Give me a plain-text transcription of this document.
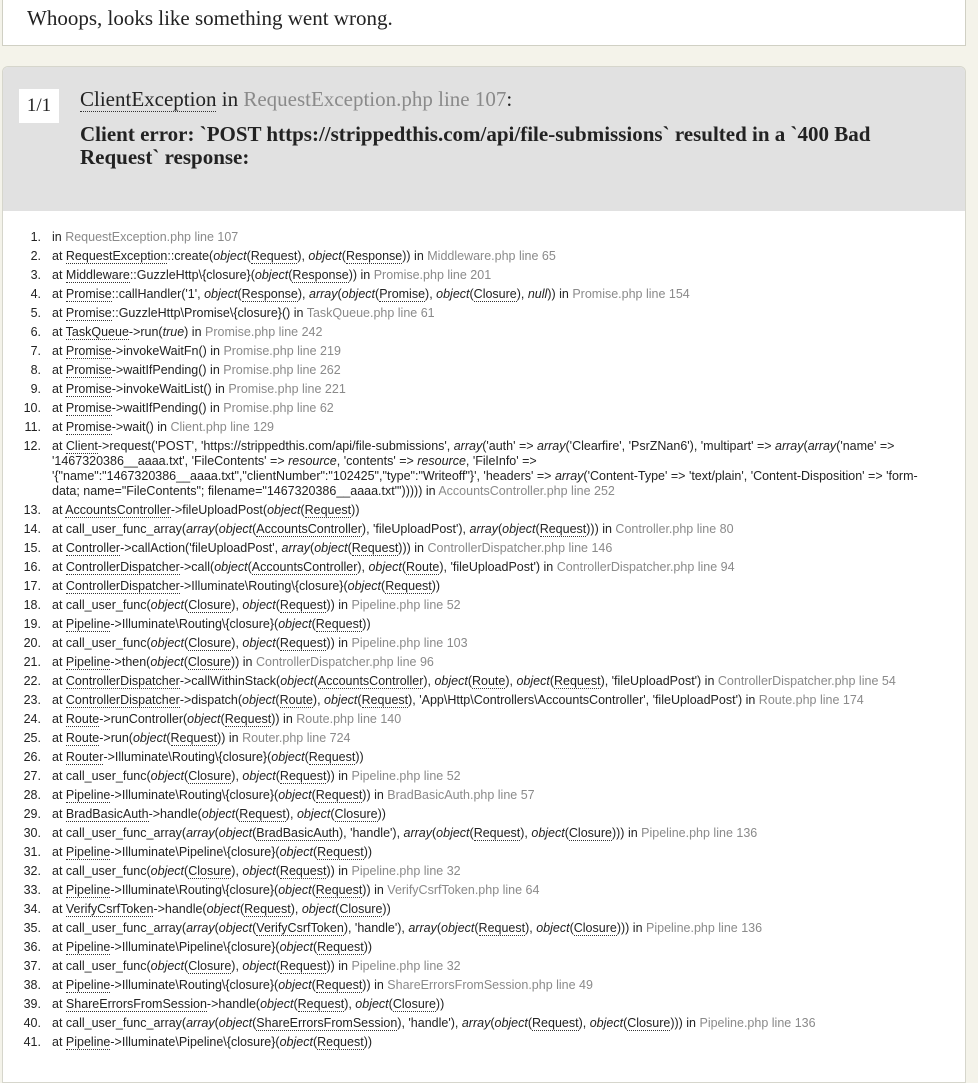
Whoops, looks like something went wrong.
1/1	ClientException in RequestException.php line 107:
Client error: `POST https://strippedthis.com/api/file-submissions` resulted in a `400 Bad Request` response:
1. in RequestException.php line 107
2. at RequestException::create(object(Request), object(Response)) in Middleware.php line 65
3. at Middleware::GuzzleHttp\{closure}(object(Response)) in Promise.php line 201
4. at Promise::callHandler('1', object(Response), array(object(Promise), object(Closure), null)) in Promise.php line 154
5. at Promise::GuzzleHttp\Promise\{closure}() in TaskQueue.php line 61
6. at TaskQueue->run(true) in Promise.php line 242
7. at Promise->invokeWaitFn() in Promise.php line 219
8. at Promise->waitIfPending() in Promise.php line 262
9. at Promise->invokeWaitList() in Promise.php line 221
10. at Promise->waitIfPending() in Promise.php line 62
11. at Promise->wait() in Client.php line 129
12. at Client->request('POST', 'https://strippedthis.com/api/file-submissions', array('auth' => array('Clearfire', 'PsrZNan6'), 'multipart' => array(array('name' => '1467320386__aaaa.txt', 'FileContents' => resource, 'contents' => resource, 'FileInfo' => '{"name":"1467320386__aaaa.txt","clientNumber":"102425","type":"Writeoff"}', 'headers' => array('Content-Type' => 'text/plain', 'Content-Disposition' => 'form-data; name="FileContents"; filename="1467320386__aaaa.txt"'))))) in AccountsController.php line 252
13. at AccountsController->fileUploadPost(object(Request))
14. at call_user_func_array(array(object(AccountsController), 'fileUploadPost'), array(object(Request))) in Controller.php line 80
15. at Controller->callAction('fileUploadPost', array(object(Request))) in ControllerDispatcher.php line 146
16. at ControllerDispatcher->call(object(AccountsController), object(Route), 'fileUploadPost') in ControllerDispatcher.php line 94
17. at ControllerDispatcher->Illuminate\Routing\{closure}(object(Request))
18. at call_user_func(object(Closure), object(Request)) in Pipeline.php line 52
19. at Pipeline->Illuminate\Routing\{closure}(object(Request))
20. at call_user_func(object(Closure), object(Request)) in Pipeline.php line 103
21. at Pipeline->then(object(Closure)) in ControllerDispatcher.php line 96
22. at ControllerDispatcher->callWithinStack(object(AccountsController), object(Route), object(Request), 'fileUploadPost') in ControllerDispatcher.php line 54
23. at ControllerDispatcher->dispatch(object(Route), object(Request), 'App\Http\Controllers\AccountsController', 'fileUploadPost') in Route.php line 174
24. at Route->runController(object(Request)) in Route.php line 140
25. at Route->run(object(Request)) in Router.php line 724
26. at Router->Illuminate\Routing\{closure}(object(Request))
27. at call_user_func(object(Closure), object(Request)) in Pipeline.php line 52
28. at Pipeline->Illuminate\Routing\{closure}(object(Request)) in BradBasicAuth.php line 57
29. at BradBasicAuth->handle(object(Request), object(Closure))
30. at call_user_func_array(array(object(BradBasicAuth), 'handle'), array(object(Request), object(Closure))) in Pipeline.php line 136
31. at Pipeline->Illuminate\Pipeline\{closure}(object(Request))
32. at call_user_func(object(Closure), object(Request)) in Pipeline.php line 32
33. at Pipeline->Illuminate\Routing\{closure}(object(Request)) in VerifyCsrfToken.php line 64
34. at VerifyCsrfToken->handle(object(Request), object(Closure))
35. at call_user_func_array(array(object(VerifyCsrfToken), 'handle'), array(object(Request), object(Closure))) in Pipeline.php line 136
36. at Pipeline->Illuminate\Pipeline\{closure}(object(Request))
37. at call_user_func(object(Closure), object(Request)) in Pipeline.php line 32
38. at Pipeline->Illuminate\Routing\{closure}(object(Request)) in ShareErrorsFromSession.php line 49
39. at ShareErrorsFromSession->handle(object(Request), object(Closure))
40. at call_user_func_array(array(object(ShareErrorsFromSession), 'handle'), array(object(Request), object(Closure))) in Pipeline.php line 136
41. at Pipeline->Illuminate\Pipeline\{closure}(object(Request))
